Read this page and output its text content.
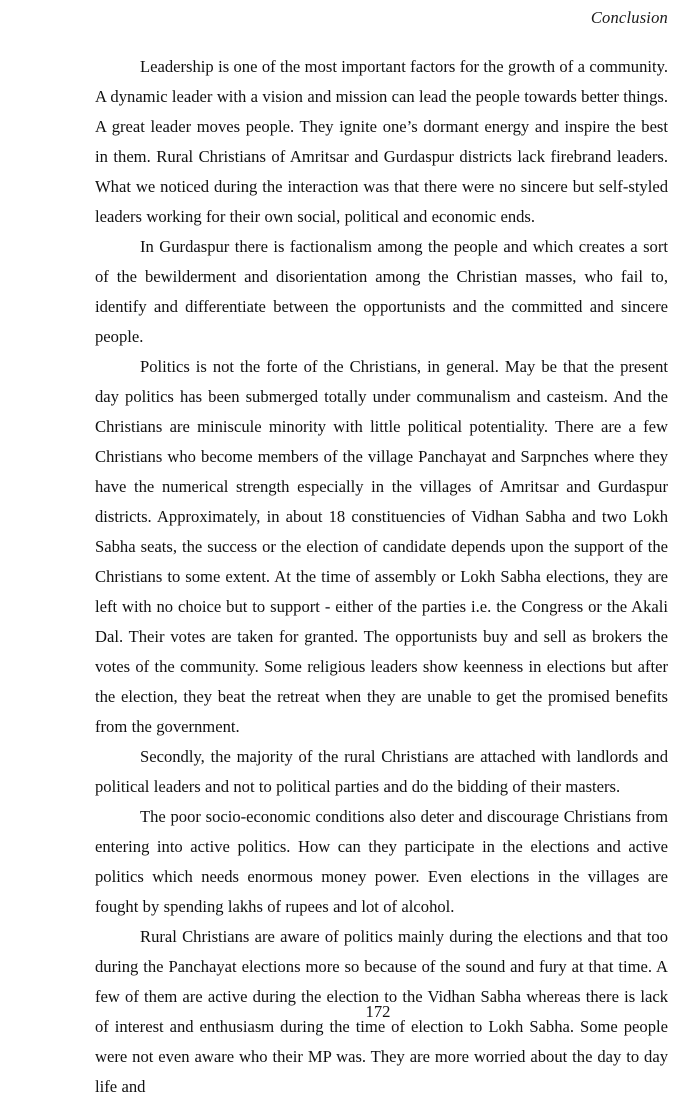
Conclusion

Leadership is one of the most important factors for the growth of a community. A dynamic leader with a vision and mission can lead the people towards better things. A great leader moves people. They ignite one’s dormant energy and inspire the best in them. Rural Christians of Amritsar and Gurdaspur districts lack firebrand leaders. What we noticed during the interaction was that there were no sincere but self-styled leaders working for their own social, political and economic ends.

In Gurdaspur there is factionalism among the people and which creates a sort of the bewilderment and disorientation among the Christian masses, who fail to, identify and differentiate between the opportunists and the committed and sincere people.

Politics is not the forte of the Christians, in general. May be that the present day politics has been submerged totally under communalism and casteism. And the Christians are miniscule minority with little political potentiality. There are a few Christians who become members of the village Panchayat and Sarpnches where they have the numerical strength especially in the villages of Amritsar and Gurdaspur districts. Approximately, in about 18 constituencies of Vidhan Sabha and two Lokh Sabha seats, the success or the election of candidate depends upon the support of the Christians to some extent. At the time of assembly or Lokh Sabha elections, they are left with no choice but to support - either of the parties i.e. the Congress or the Akali Dal. Their votes are taken for granted. The opportunists buy and sell as brokers the votes of the community. Some religious leaders show keenness in elections but after the election, they beat the retreat when they are unable to get the promised benefits from the government.

Secondly, the majority of the rural Christians are attached with landlords and political leaders and not to political parties and do the bidding of their masters.

The poor socio-economic conditions also deter and discourage Christians from entering into active politics. How can they participate in the elections and active politics which needs enormous money power. Even elections in the villages are fought by spending lakhs of rupees and lot of alcohol.

Rural Christians are aware of politics mainly during the elections and that too during the Panchayat elections more so because of the sound and fury at that time. A few of them are active during the election to the Vidhan Sabha whereas there is lack of interest and enthusiasm during the time of election to Lokh Sabha. Some people were not even aware who their MP was. They are more worried about the day to day life and

172
